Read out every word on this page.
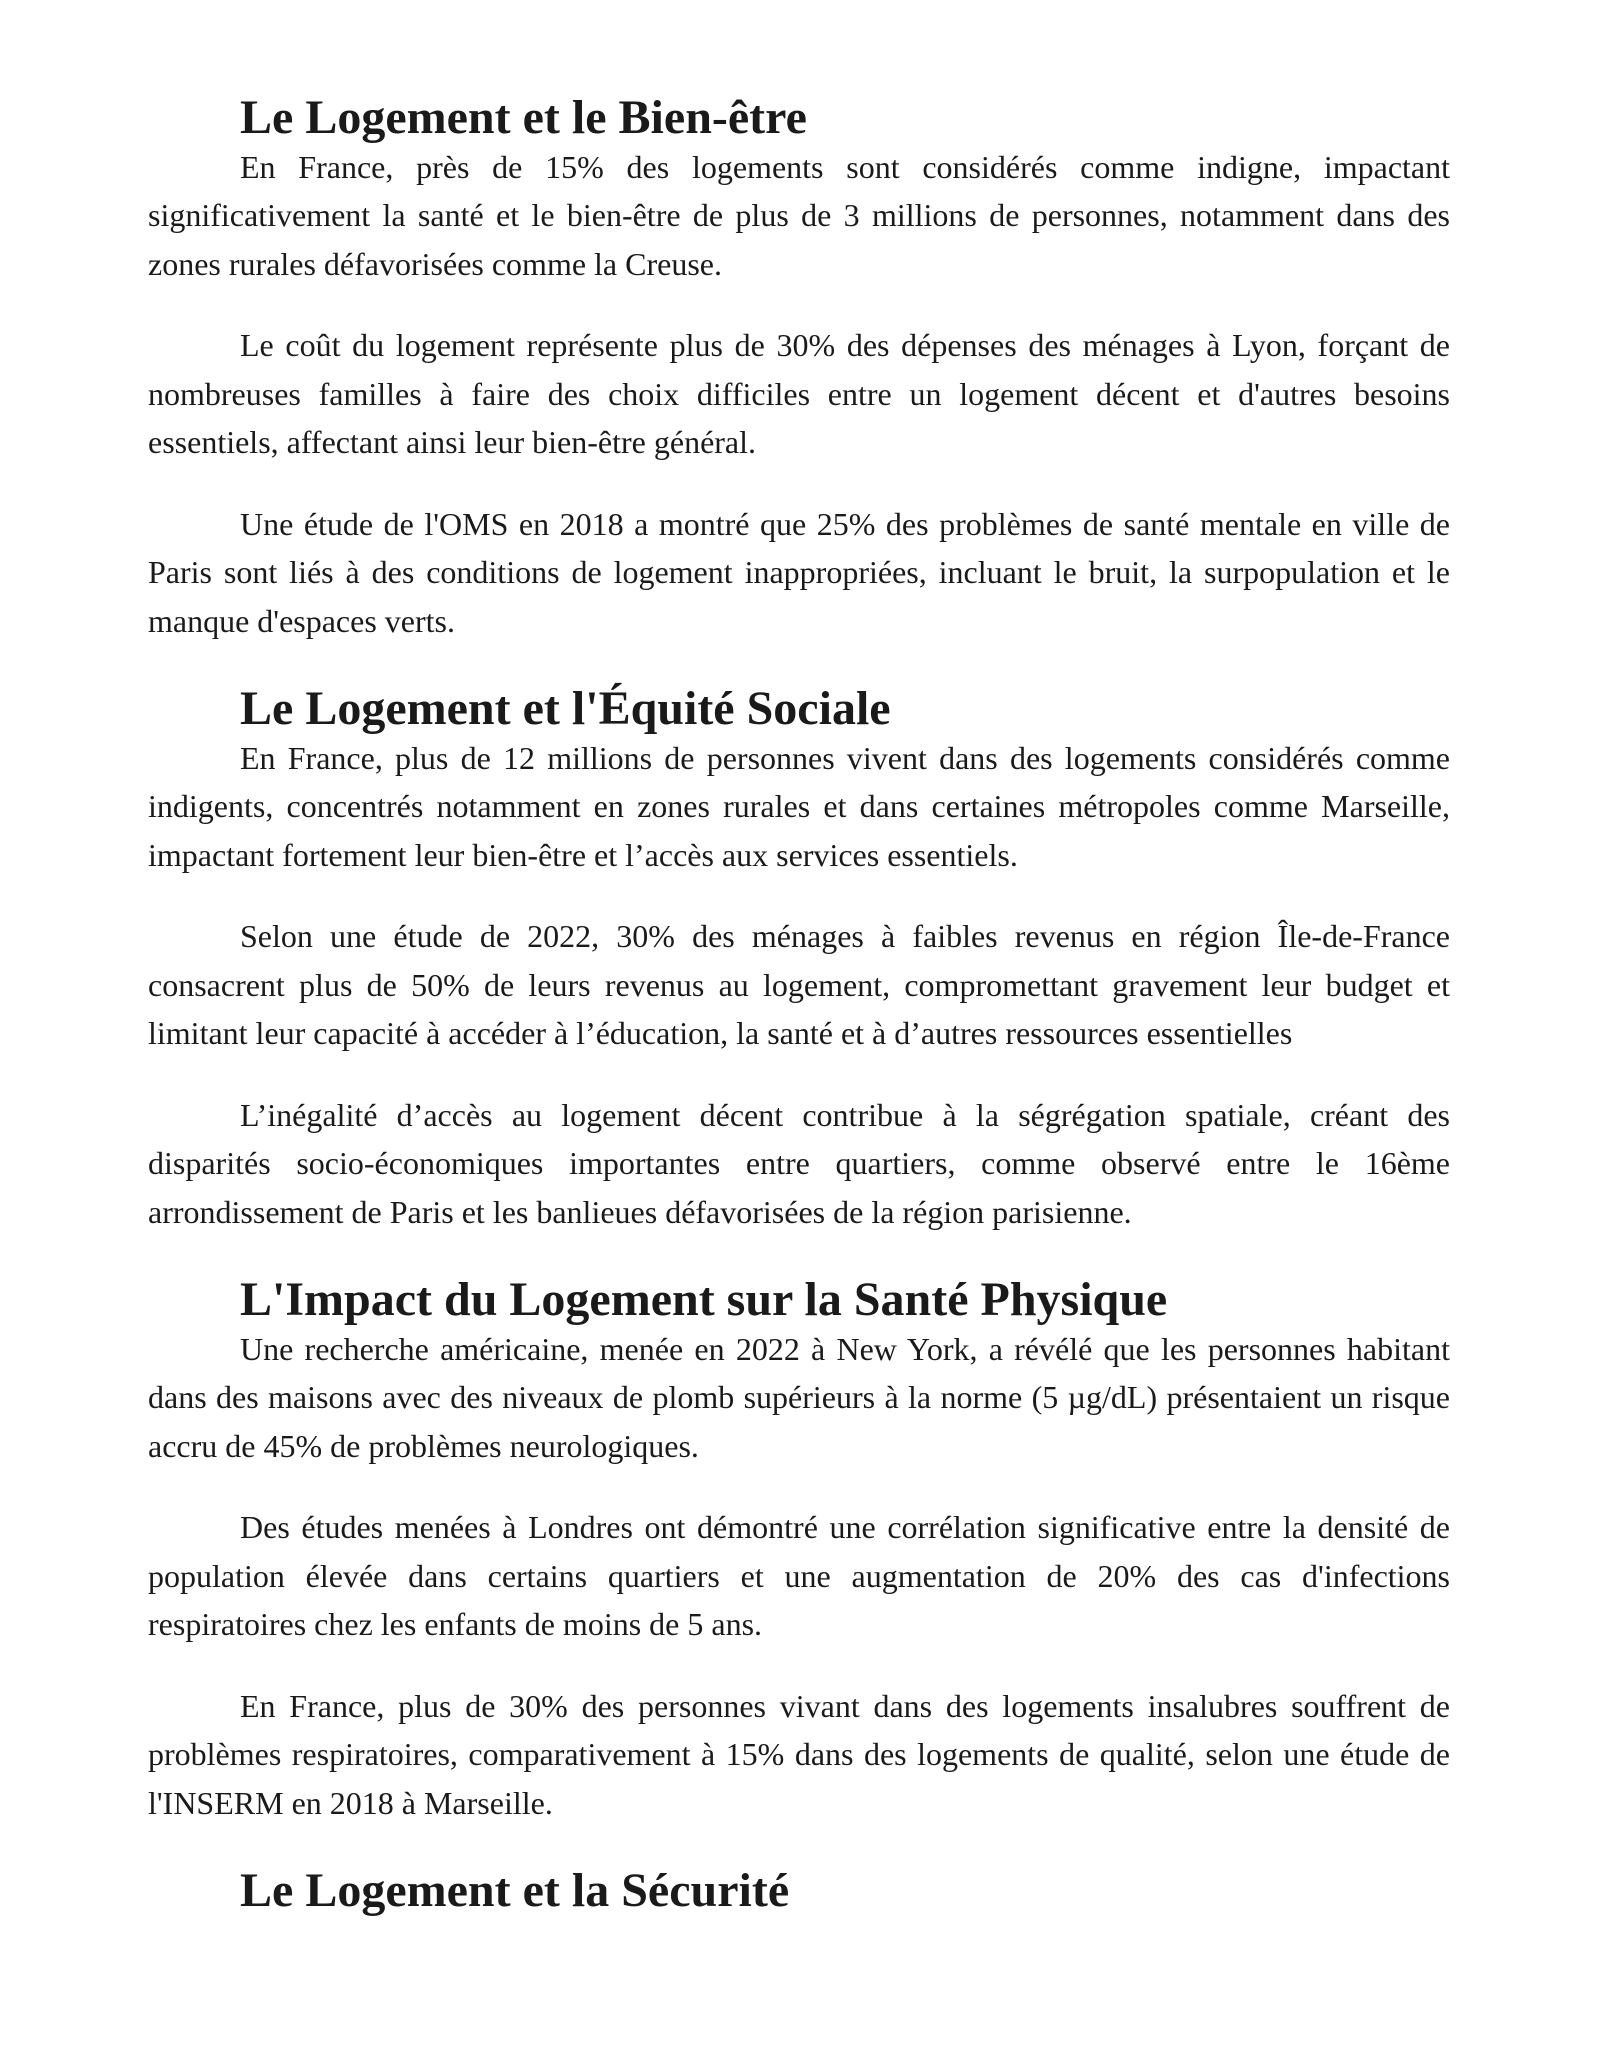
Le Logement et le Bien-être

En France, près de 15% des logements sont considérés comme indigne, impactant significativement la santé et le bien-être de plus de 3 millions de personnes, notamment dans des zones rurales défavorisées comme la Creuse.

Le coût du logement représente plus de 30% des dépenses des ménages à Lyon, forçant de nombreuses familles à faire des choix difficiles entre un logement décent et d'autres besoins essentiels, affectant ainsi leur bien-être général.

Une étude de l'OMS en 2018 a montré que 25% des problèmes de santé mentale en ville de Paris sont liés à des conditions de logement inappropriées, incluant le bruit, la surpopulation et le manque d'espaces verts.

Le Logement et l'Équité Sociale

En France, plus de 12 millions de personnes vivent dans des logements considérés comme indigents, concentrés notamment en zones rurales et dans certaines métropoles comme Marseille, impactant fortement leur bien-être et l’accès aux services essentiels.

Selon une étude de 2022, 30% des ménages à faibles revenus en région Île-de-France consacrent plus de 50% de leurs revenus au logement, compromettant gravement leur budget et limitant leur capacité à accéder à l’éducation, la santé et à d’autres ressources essentielles

L’inégalité d’accès au logement décent contribue à la ségrégation spatiale, créant des disparités socio-économiques importantes entre quartiers, comme observé entre le 16ème arrondissement de Paris et les banlieues défavorisées de la région parisienne.

L'Impact du Logement sur la Santé Physique

Une recherche américaine, menée en 2022 à New York, a révélé que les personnes habitant dans des maisons avec des niveaux de plomb supérieurs à la norme (5 µg/dL) présentaient un risque accru de 45% de problèmes neurologiques.

Des études menées à Londres ont démontré une corrélation significative entre la densité de population élevée dans certains quartiers et une augmentation de 20% des cas d'infections respiratoires chez les enfants de moins de 5 ans.

En France, plus de 30% des personnes vivant dans des logements insalubres souffrent de problèmes respiratoires, comparativement à 15% dans des logements de qualité, selon une étude de l'INSERM en 2018 à Marseille.

Le Logement et la Sécurité
